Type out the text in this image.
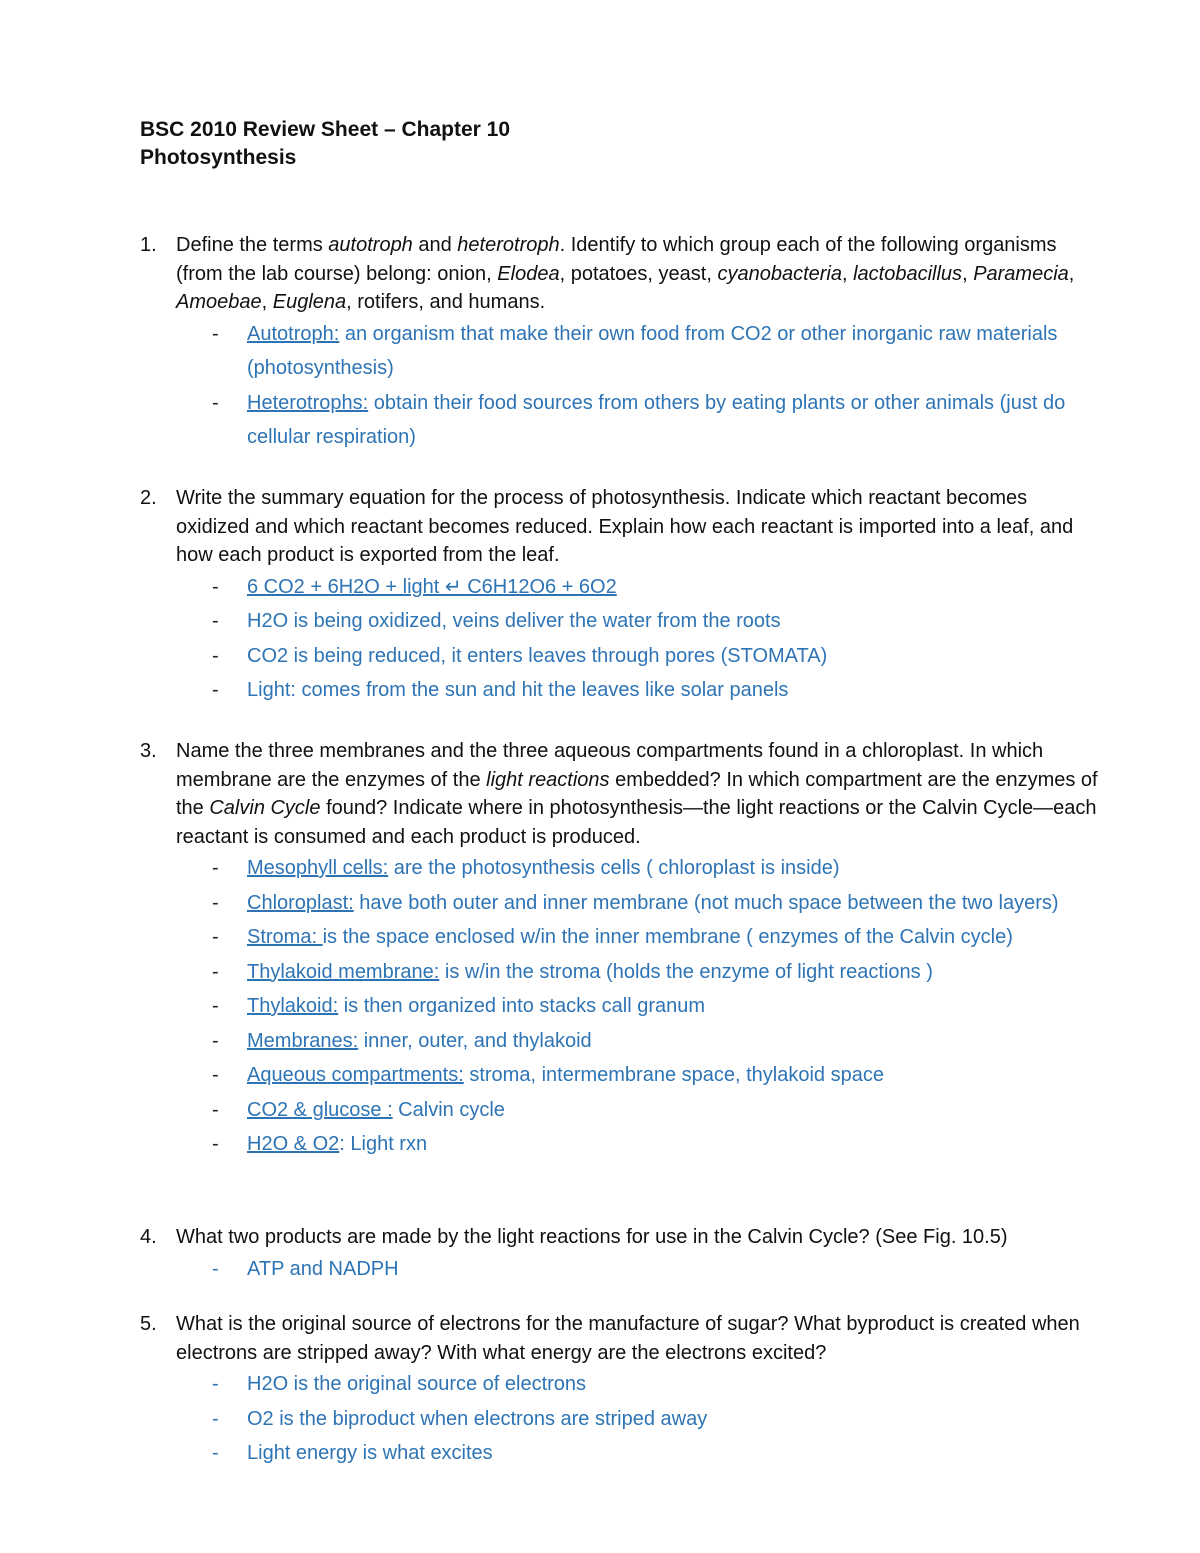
BSC 2010 Review Sheet – Chapter 10
Photosynthesis
1. Define the terms autotroph and heterotroph. Identify to which group each of the following organisms (from the lab course) belong: onion, Elodea, potatoes, yeast, cyanobacteria, lactobacillus, Paramecia, Amoebae, Euglena, rotifers, and humans.
- Autotroph: an organism that make their own food from CO2 or other inorganic raw materials (photosynthesis)
- Heterotrophs: obtain their food sources from others by eating plants or other animals (just do cellular respiration)
2. Write the summary equation for the process of photosynthesis. Indicate which reactant becomes oxidized and which reactant becomes reduced. Explain how each reactant is imported into a leaf, and how each product is exported from the leaf.
- 6 CO2 + 6H2O + light ↵ C6H12O6 + 6O2
- H2O is being oxidized, veins deliver the water from the roots
- CO2 is being reduced, it enters leaves through pores (STOMATA)
- Light: comes from the sun and hit the leaves like solar panels
3. Name the three membranes and the three aqueous compartments found in a chloroplast. In which membrane are the enzymes of the light reactions embedded? In which compartment are the enzymes of the Calvin Cycle found? Indicate where in photosynthesis—the light reactions or the Calvin Cycle—each reactant is consumed and each product is produced.
- Mesophyll cells: are the photosynthesis cells ( chloroplast is inside)
- Chloroplast: have both outer and inner membrane (not much space between the two layers)
- Stroma: is the space enclosed w/in the inner membrane ( enzymes of the Calvin cycle)
- Thylakoid membrane: is w/in the stroma (holds the enzyme of light reactions )
- Thylakoid: is then organized into stacks call granum
- Membranes: inner, outer, and thylakoid
- Aqueous compartments: stroma, intermembrane space, thylakoid space
- CO2 & glucose : Calvin cycle
- H2O & O2: Light rxn
4. What two products are made by the light reactions for use in the Calvin Cycle? (See Fig. 10.5)
- ATP and NADPH
5. What is the original source of electrons for the manufacture of sugar? What byproduct is created when electrons are stripped away? With what energy are the electrons excited?
- H2O is the original source of electrons
- O2 is the biproduct when electrons are striped away
- Light energy is what excites
